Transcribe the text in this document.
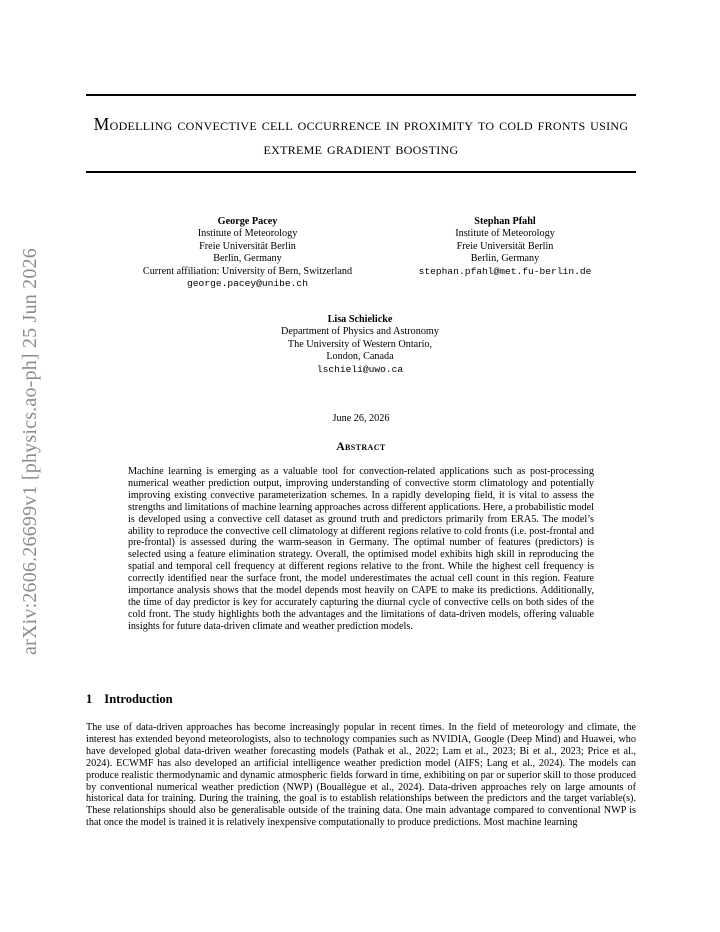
arXiv:2606.26699v1 [physics.ao-ph] 25 Jun 2026
Modelling convective cell occurrence in proximity to cold fronts using extreme gradient boosting
George Pacey
Institute of Meteorology
Freie Universität Berlin
Berlin, Germany
Current affiliation: University of Bern, Switzerland
george.pacey@unibe.ch
Stephan Pfahl
Institute of Meteorology
Freie Universität Berlin
Berlin, Germany
stephan.pfahl@met.fu-berlin.de
Lisa Schielicke
Department of Physics and Astronomy
The University of Western Ontario,
London, Canada
lschieli@uwo.ca
June 26, 2026
Abstract
Machine learning is emerging as a valuable tool for convection-related applications such as post-processing numerical weather prediction output, improving understanding of convective storm climatology and potentially improving existing convective parameterization schemes. In a rapidly developing field, it is vital to assess the strengths and limitations of machine learning approaches across different applications. Here, a probabilistic model is developed using a convective cell dataset as ground truth and predictors primarily from ERA5. The model’s ability to reproduce the convective cell climatology at different regions relative to cold fronts (i.e. post-frontal and pre-frontal) is assessed during the warm-season in Germany. The optimal number of features (predictors) is selected using a feature elimination strategy. Overall, the optimised model exhibits high skill in reproducing the spatial and temporal cell frequency at different regions relative to the front. While the highest cell frequency is correctly identified near the surface front, the model underestimates the actual cell count in this region. Feature importance analysis shows that the model depends most heavily on CAPE to make its predictions. Additionally, the time of day predictor is key for accurately capturing the diurnal cycle of convective cells on both sides of the cold front. The study highlights both the advantages and the limitations of data-driven models, offering valuable insights for future data-driven climate and weather prediction models.
1 Introduction
The use of data-driven approaches has become increasingly popular in recent times. In the field of meteorology and climate, the interest has extended beyond meteorologists, also to technology companies such as NVIDIA, Google (Deep Mind) and Huawei, who have developed global data-driven weather forecasting models (Pathak et al., 2022; Lam et al., 2023; Bi et al., 2023; Price et al., 2024). ECWMF has also developed an artificial intelligence weather prediction model (AIFS; Lang et al., 2024). The models can produce realistic thermodynamic and dynamic atmospheric fields forward in time, exhibiting on par or superior skill to those produced by conventional numerical weather prediction (NWP) (Bouallègue et al., 2024). Data-driven approaches rely on large amounts of historical data for training. During the training, the goal is to establish relationships between the predictors and the target variable(s). These relationships should also be generalisable outside of the training data. One main advantage compared to conventional NWP is that once the model is trained it is relatively inexpensive computationally to produce predictions. Most machine learning
